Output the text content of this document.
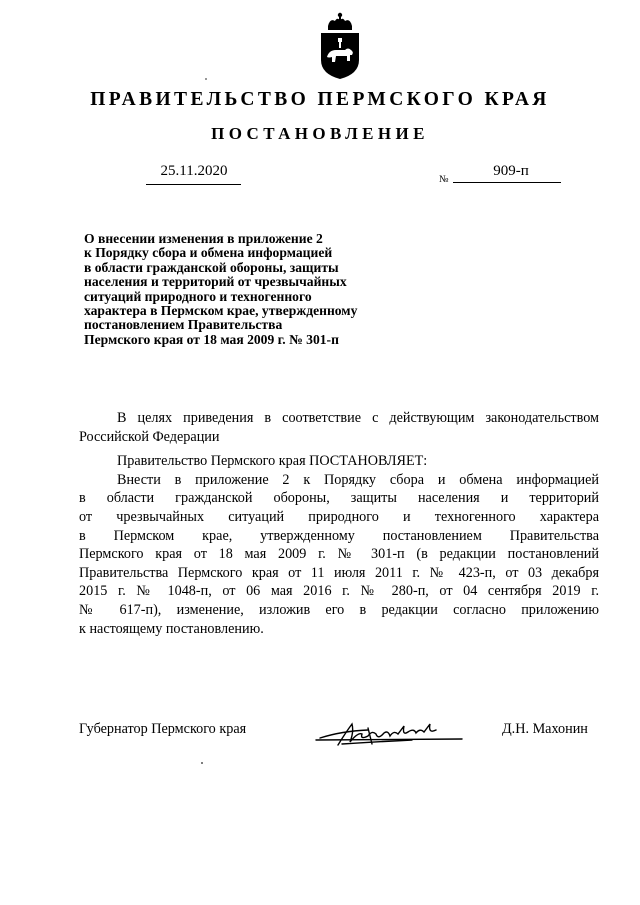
ПРАВИТЕЛЬСТВО ПЕРМСКОГО КРАЯ
ПОСТАНОВЛЕНИЕ
25.11.2020
№
909-п
О внесении изменения в приложение 2
к Порядку сбора и обмена информацией
в области гражданской обороны, защиты
населения и территорий от чрезвычайных
ситуаций природного и техногенного
характера в Пермском крае, утвержденному
постановлением Правительства
Пермского края от 18 мая 2009 г. № 301-п
В целях приведения в соответствие с действующим законодательством
Российской Федерации
Правительство Пермского края ПОСТАНОВЛЯЕТ:
Внести в приложение 2 к Порядку сбора и обмена информацией
в области гражданской обороны, защиты населения и территорий
от чрезвычайных ситуаций природного и техногенного характера
в Пермском крае, утвержденному постановлением Правительства
Пермского края от 18 мая 2009 г. № 301-п (в редакции постановлений
Правительства Пермского края от 11 июля 2011 г. № 423-п, от 03 декабря
2015 г. № 1048-п, от 06 мая 2016 г. № 280-п, от 04 сентября 2019 г.
№ 617-п), изменение, изложив его в редакции согласно приложению
к настоящему постановлению.
Губернатор Пермского края	Д.Н. Махонин
